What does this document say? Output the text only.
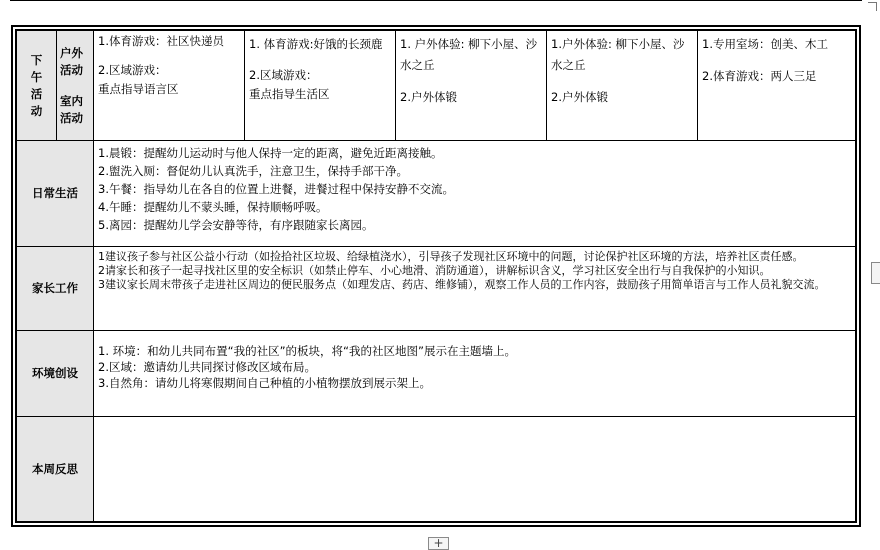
下
午
活
动	户外
活动
室内
活动	1.体育游戏：社区快递员
2.区域游戏：
重点指导语言区	1. 体育游戏:好饿的长颈鹿
2.区域游戏：
重点指导生活区	1. 户外体验: 柳下小屋、沙水之丘
2.户外体锻	1.户外体验: 柳下小屋、沙水之丘
2.户外体锻	1.专用室场：创美、木工
2.体育游戏：两人三足

日常生活		1.晨锻：提醒幼儿运动时与他人保持一定的距离，避免近距离接触。
2.盥洗入厕：督促幼儿认真洗手，注意卫生，保持手部干净。
3.午餐：指导幼儿在各自的位置上进餐，进餐过程中保持安静不交流。
4.午睡：提醒幼儿不蒙头睡，保持顺畅呼吸。
5.离园：提醒幼儿学会安静等待，有序跟随家长离园。				

家长工作		1建议孩子参与社区公益小行动（如捡拾社区垃圾、给绿植浇水），引导孩子发现社区环境中的问题，讨论保护社区环境的方法，培养社区责任感。
2请家长和孩子一起寻找社区里的安全标识（如禁止停车、小心地滑、消防通道），讲解标识含义，学习社区安全出行与自我保护的小知识。
3建议家长周末带孩子走进社区周边的便民服务点（如理发店、药店、维修铺），观察工作人员的工作内容，鼓励孩子用简单语言与工作人员礼貌交流。				

环境创设		1. 环境：和幼儿共同布置“我的社区”的板块，将“我的社区地图”展示在主题墙上。
2.区域：邀请幼儿共同探讨修改区域布局。
3.自然角：请幼儿将寒假期间自己种植的小植物摆放到展示架上。				

本周反思						
+
